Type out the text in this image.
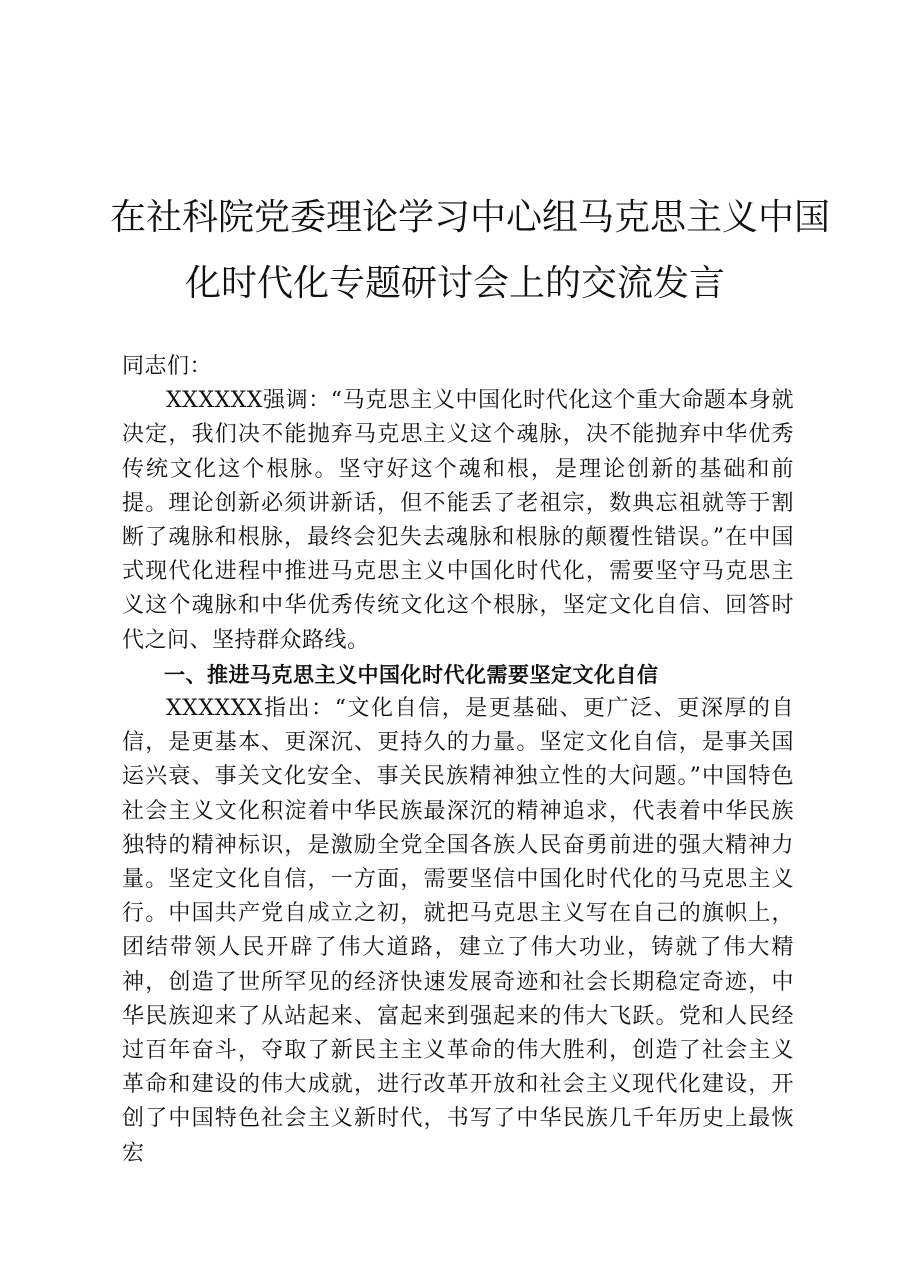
在社科院党委理论学习中心组马克思主义中国
化时代化专题研讨会上的交流发言

同志们：

XXXXXX强调：“马克思主义中国化时代化这个重大命题本身就决定，我们决不能抛弃马克思主义这个魂脉，决不能抛弃中华优秀传统文化这个根脉。坚守好这个魂和根，是理论创新的基础和前提。理论创新必须讲新话，但不能丢了老祖宗，数典忘祖就等于割断了魂脉和根脉，最终会犯失去魂脉和根脉的颠覆性错误。”在中国式现代化进程中推进马克思主义中国化时代化，需要坚守马克思主义这个魂脉和中华优秀传统文化这个根脉，坚定文化自信、回答时代之问、坚持群众路线。

一、推进马克思主义中国化时代化需要坚定文化自信

XXXXXX指出：“文化自信，是更基础、更广泛、更深厚的自信，是更基本、更深沉、更持久的力量。坚定文化自信，是事关国运兴衰、事关文化安全、事关民族精神独立性的大问题。”中国特色社会主义文化积淀着中华民族最深沉的精神追求，代表着中华民族独特的精神标识，是激励全党全国各族人民奋勇前进的强大精神力量。坚定文化自信，一方面，需要坚信中国化时代化的马克思主义行。中国共产党自成立之初，就把马克思主义写在自己的旗帜上，团结带领人民开辟了伟大道路，建立了伟大功业，铸就了伟大精神，创造了世所罕见的经济快速发展奇迹和社会长期稳定奇迹，中华民族迎来了从站起来、富起来到强起来的伟大飞跃。党和人民经过百年奋斗，夺取了新民主主义革命的伟大胜利，创造了社会主义革命和建设的伟大成就，进行改革开放和社会主义现代化建设，开创了中国特色社会主义新时代，书写了中华民族几千年历史上最恢宏
